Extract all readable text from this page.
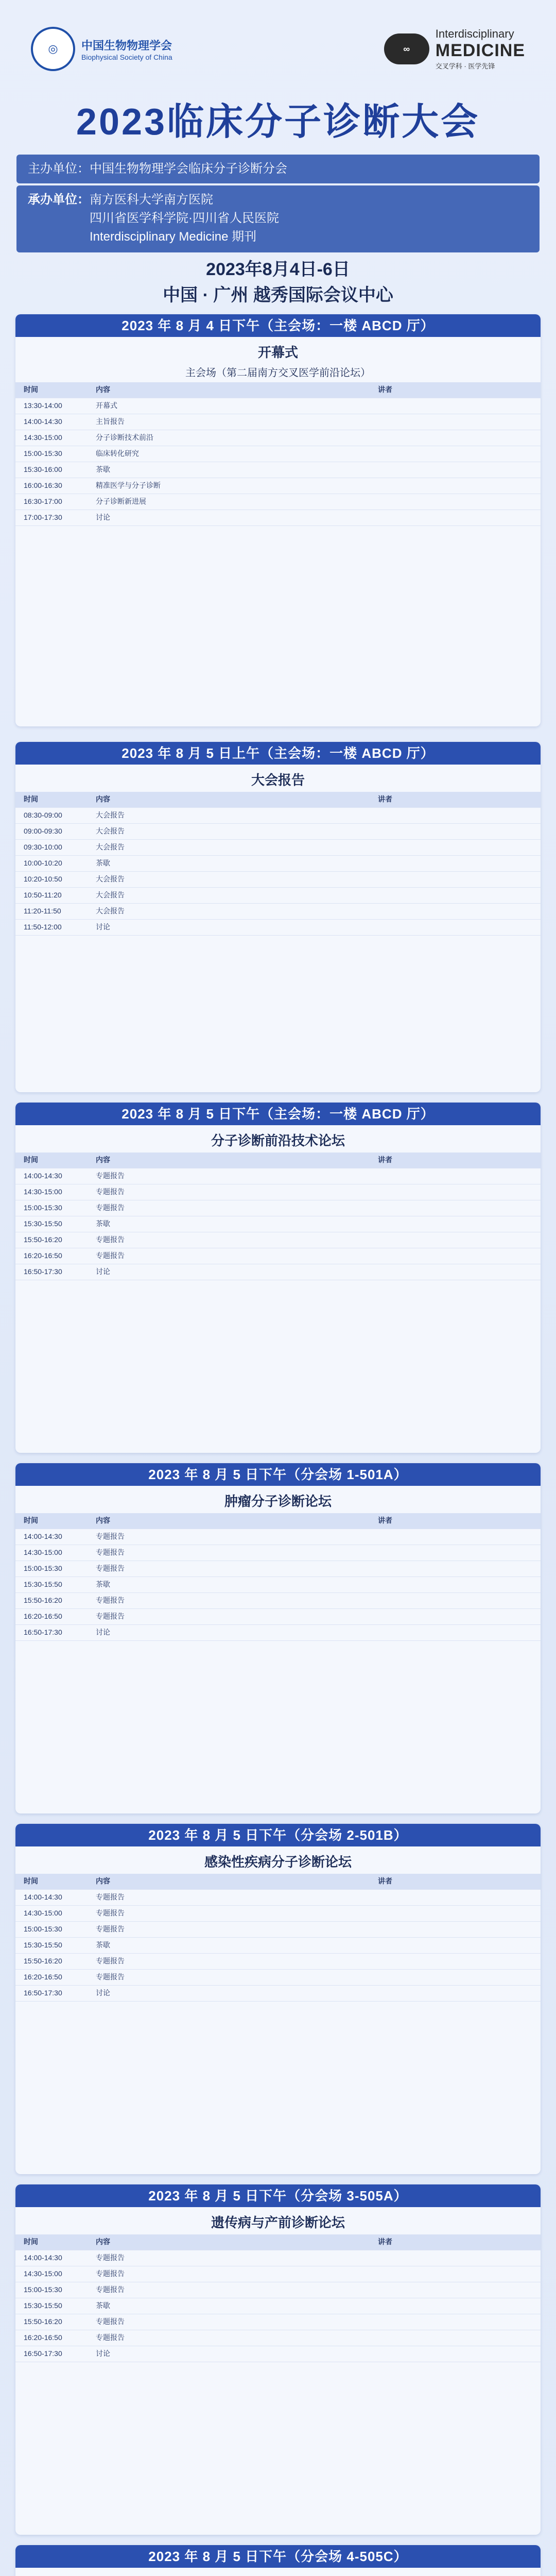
◎	中国生物物理学会
Biophysical Society of China
∞
Interdisciplinary
MEDICINE
交叉学科 · 医学先锋
2023临床分子诊断大会
主办单位：中国生物物理学会临床分子诊断分会
承办单位：南方医科大学南方医院
四川省医学科学院·四川省人民医院
Interdisciplinary Medicine 期刊
2023年8月4日-6日
中国 · 广州 越秀国际会议中心
2023 年 8 月 4 日下午（主会场：一楼 ABCD 厅）
开幕式
主会场（第二届南方交叉医学前沿论坛）
时间	内容	讲者
13:30-14:00	开幕式
14:00-14:30	主旨报告
14:30-15:00	分子诊断技术前沿
15:00-15:30	临床转化研究
15:30-16:00	茶歇
16:00-16:30	精准医学与分子诊断
16:30-17:00	分子诊断新进展
17:00-17:30	讨论
2023 年 8 月 5 日上午（主会场：一楼 ABCD 厅）
大会报告
时间	内容	讲者
08:30-09:00	大会报告
09:00-09:30	大会报告
09:30-10:00	大会报告
10:00-10:20	茶歇
10:20-10:50	大会报告
10:50-11:20	大会报告
11:20-11:50	大会报告
11:50-12:00	讨论
2023 年 8 月 5 日下午（主会场：一楼 ABCD 厅）
分子诊断前沿技术论坛
时间	内容	讲者
14:00-14:30	专题报告
14:30-15:00	专题报告
15:00-15:30	专题报告
15:30-15:50	茶歇
15:50-16:20	专题报告
16:20-16:50	专题报告
16:50-17:30	讨论
2023 年 8 月 5 日下午（分会场 1-501A）
肿瘤分子诊断论坛
时间	内容	讲者
14:00-14:30	专题报告
14:30-15:00	专题报告
15:00-15:30	专题报告
15:30-15:50	茶歇
15:50-16:20	专题报告
16:20-16:50	专题报告
16:50-17:30	讨论
2023 年 8 月 5 日下午（分会场 2-501B）
感染性疾病分子诊断论坛
时间	内容	讲者
14:00-14:30	专题报告
14:30-15:00	专题报告
15:00-15:30	专题报告
15:30-15:50	茶歇
15:50-16:20	专题报告
16:20-16:50	专题报告
16:50-17:30	讨论
2023 年 8 月 5 日下午（分会场 3-505A）
遗传病与产前诊断论坛
时间	内容	讲者
14:00-14:30	专题报告
14:30-15:00	专题报告
15:00-15:30	专题报告
15:30-15:50	茶歇
15:50-16:20	专题报告
16:20-16:50	专题报告
16:50-17:30	讨论
2023 年 8 月 5 日下午（分会场 4-505C）
